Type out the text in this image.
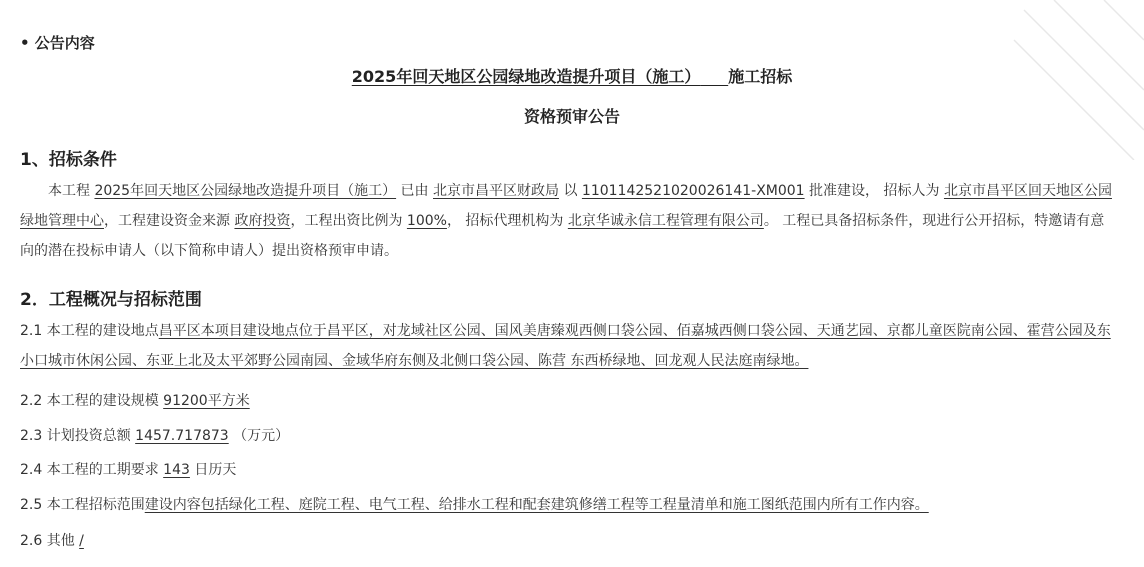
• 公告内容
2025年回天地区公园绿地改造提升项目（施工） 施工招标
资格预审公告
1、招标条件
本工程 2025年回天地区公园绿地改造提升项目（施工） 已由 北京市昌平区财政局 以 1101142521020026141-XM001 批准建设， 招标人为 北京市昌平区回天地区公园绿地管理中心，工程建设资金来源 政府投资，工程出资比例为 100%， 招标代理机构为 北京华诚永信工程管理有限公司。 工程已具备招标条件，现进行公开招标，特邀请有意向的潜在投标申请人（以下简称申请人）提出资格预审申请。
2．工程概况与招标范围
2.1 本工程的建设地点昌平区本项目建设地点位于昌平区，对龙域社区公园、国风美唐臻观西侧口袋公园、佰嘉城西侧口袋公园、天通艺园、京都儿童医院南公园、霍营公园及东小口城市休闲公园、东亚上北及太平郊野公园南园、金域华府东侧及北侧口袋公园、陈营 东西桥绿地、回龙观人民法庭南绿地。
2.2 本工程的建设规模 91200平方米
2.3 计划投资总额 1457.717873 （万元）
2.4 本工程的工期要求 143 日历天
2.5 本工程招标范围建设内容包括绿化工程、庭院工程、电气工程、给排水工程和配套建筑修缮工程等工程量清单和施工图纸范围内所有工作内容。
2.6 其他 /
